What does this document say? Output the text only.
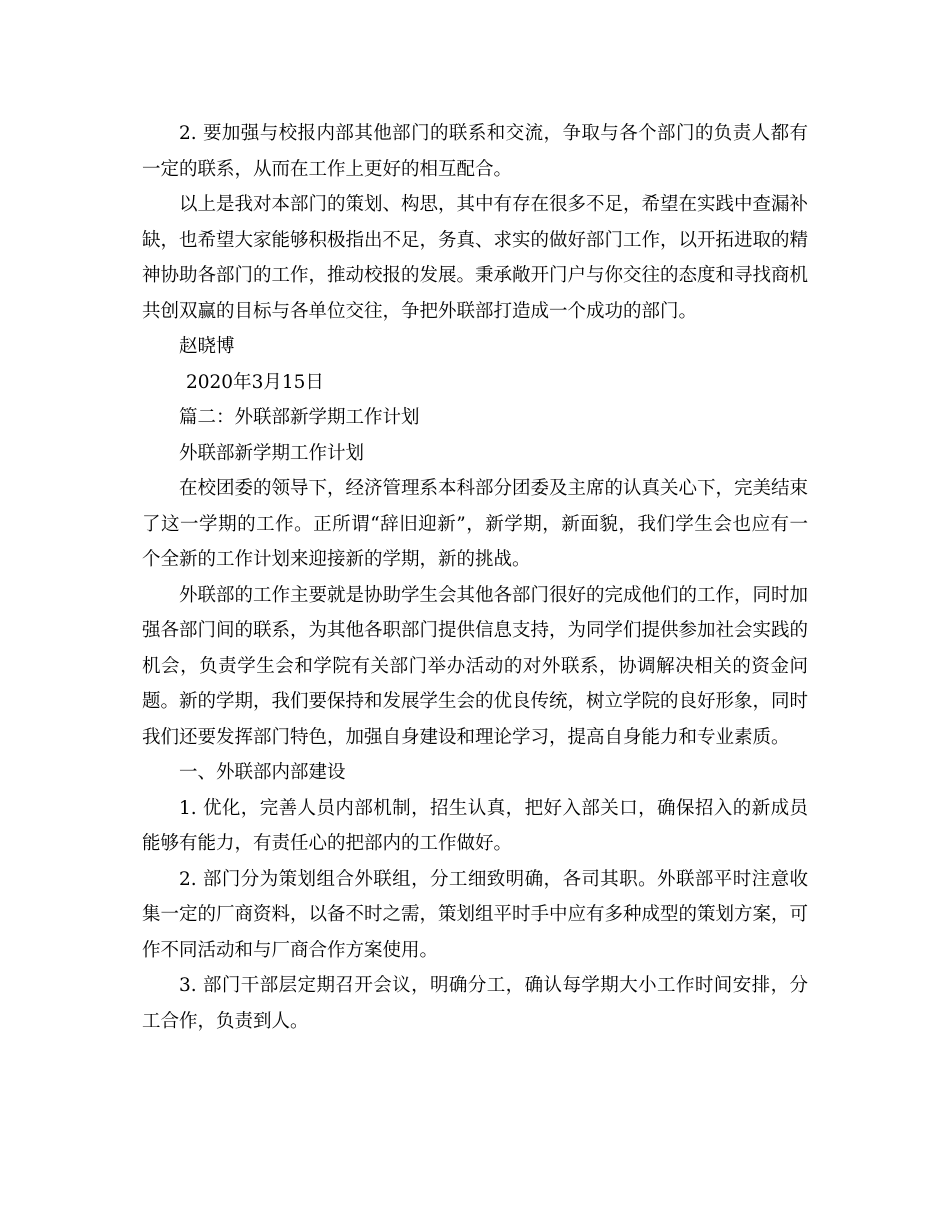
2. 要加强与校报内部其他部门的联系和交流，争取与各个部门的负责人都有一定的联系，从而在工作上更好的相互配合。

以上是我对本部门的策划、构思，其中有存在很多不足，希望在实践中查漏补缺，也希望大家能够积极指出不足，务真、求实的做好部门工作，以开拓进取的精神协助各部门的工作，推动校报的发展。秉承敞开门户与你交往的态度和寻找商机共创双赢的目标与各单位交往，争把外联部打造成一个成功的部门。

赵晓博

2020年3月15日

篇二：外联部新学期工作计划

外联部新学期工作计划

在校团委的领导下，经济管理系本科部分团委及主席的认真关心下，完美结束了这一学期的工作。正所谓“辞旧迎新”，新学期，新面貌，我们学生会也应有一个全新的工作计划来迎接新的学期，新的挑战。

外联部的工作主要就是协助学生会其他各部门很好的完成他们的工作，同时加强各部门间的联系，为其他各职部门提供信息支持，为同学们提供参加社会实践的机会，负责学生会和学院有关部门举办活动的对外联系，协调解决相关的资金问题。新的学期，我们要保持和发展学生会的优良传统，树立学院的良好形象，同时我们还要发挥部门特色，加强自身建设和理论学习，提高自身能力和专业素质。

一、外联部内部建设

1. 优化，完善人员内部机制，招生认真，把好入部关口，确保招入的新成员能够有能力，有责任心的把部内的工作做好。

2. 部门分为策划组合外联组，分工细致明确，各司其职。外联部平时注意收集一定的厂商资料，以备不时之需，策划组平时手中应有多种成型的策划方案，可作不同活动和与厂商合作方案使用。

3. 部门干部层定期召开会议，明确分工，确认每学期大小工作时间安排，分工合作，负责到人。
